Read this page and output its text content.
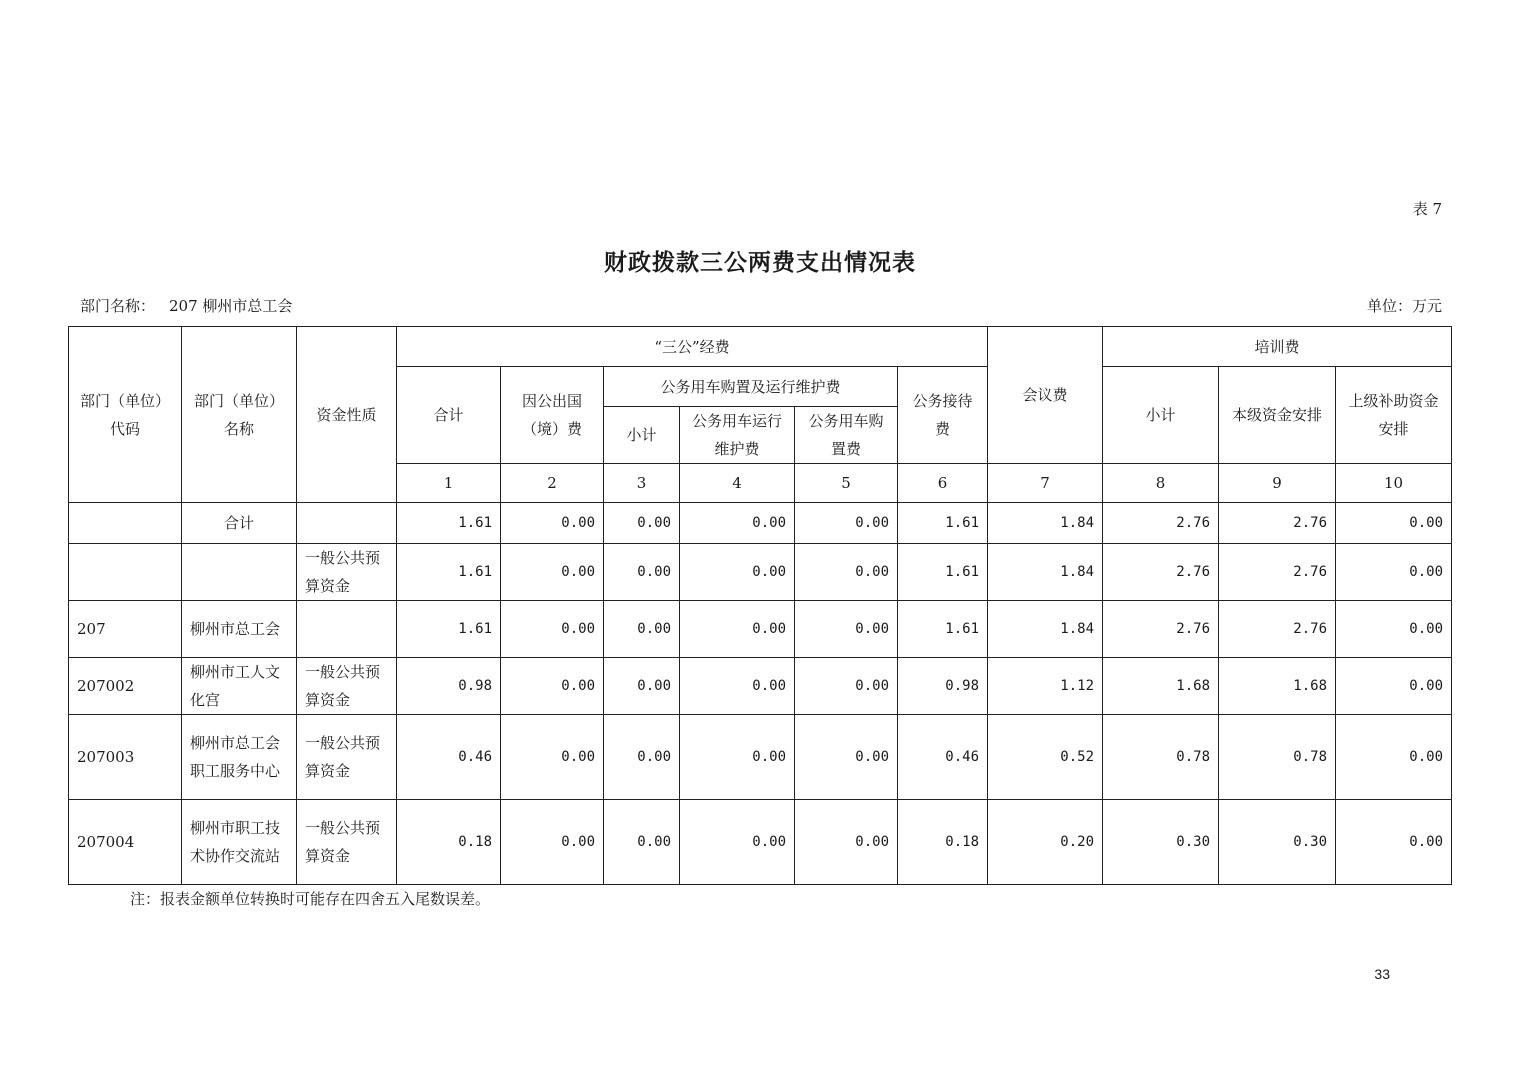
表 7
财政拨款三公两费支出情况表
部门名称： 207 柳州市总工会	单位：万元
部门（单位）代码	部门（单位）名称	资金性质	“三公”经费						会议费	培训费		
			合计	因公出国（境）费	公务用车购置及运行维护费			公务接待费		小计	本级资金安排	上级补助资金安排
					小计	公务用车运行维护费	公务用车购置费					
			1	2	3	4	5	6	7	8	9	10
	合计		1.61	0.00	0.00	0.00	0.00	1.61	1.84	2.76	2.76	0.00
		一般公共预算资金	1.61	0.00	0.00	0.00	0.00	1.61	1.84	2.76	2.76	0.00
207	柳州市总工会		1.61	0.00	0.00	0.00	0.00	1.61	1.84	2.76	2.76	0.00
207002	柳州市工人文化宫	一般公共预算资金	0.98	0.00	0.00	0.00	0.00	0.98	1.12	1.68	1.68	0.00
207003	柳州市总工会职工服务中心	一般公共预算资金	0.46	0.00	0.00	0.00	0.00	0.46	0.52	0.78	0.78	0.00
207004	柳州市职工技术协作交流站	一般公共预算资金	0.18	0.00	0.00	0.00	0.00	0.18	0.20	0.30	0.30	0.00
注：报表金额单位转换时可能存在四舍五入尾数误差。
33
